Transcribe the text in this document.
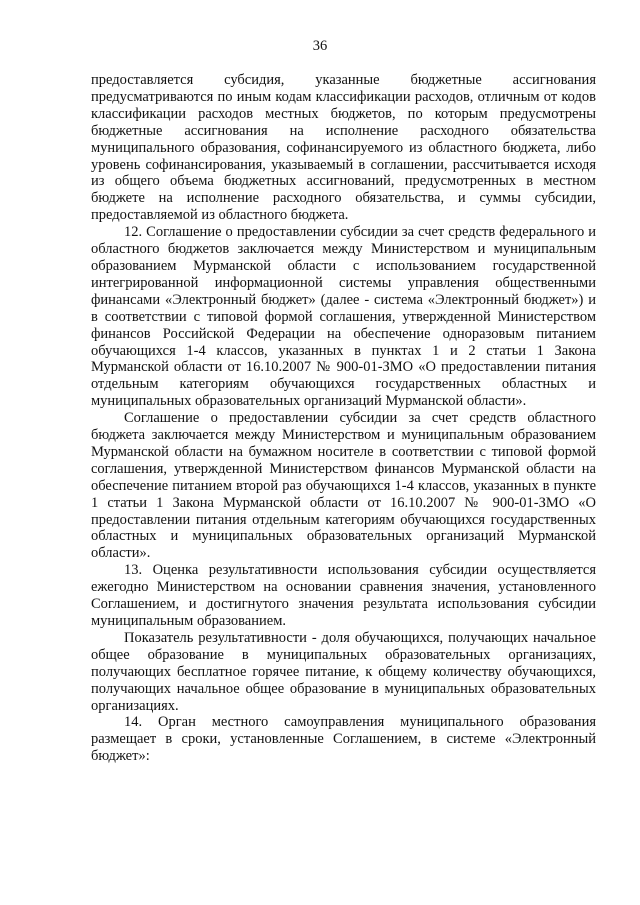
36

предоставляется субсидия, указанные бюджетные ассигнования предусматриваются по иным кодам классификации расходов, отличным от кодов классификации расходов местных бюджетов, по которым предусмотрены бюджетные ассигнования на исполнение расходного обязательства муниципального образования, софинансируемого из областного бюджета, либо уровень софинансирования, указываемый в соглашении, рассчитывается исходя из общего объема бюджетных ассигнований, предусмотренных в местном бюджете на исполнение расходного обязательства, и суммы субсидии, предоставляемой из областного бюджета.

12. Соглашение о предоставлении субсидии за счет средств федерального и областного бюджетов заключается между Министерством и муниципальным образованием Мурманской области с использованием государственной интегрированной информационной системы управления общественными финансами «Электронный бюджет» (далее - система «Электронный бюджет») и в соответствии с типовой формой соглашения, утвержденной Министерством финансов Российской Федерации на обеспечение одноразовым питанием обучающихся 1-4 классов, указанных в пунктах 1 и 2 статьи 1 Закона Мурманской области от 16.10.2007 № 900-01-ЗМО «О предоставлении питания отдельным категориям обучающихся государственных областных и муниципальных образовательных организаций Мурманской области».

Соглашение о предоставлении субсидии за счет средств областного бюджета заключается между Министерством и муниципальным образованием Мурманской области на бумажном носителе в соответствии с типовой формой соглашения, утвержденной Министерством финансов Мурманской области на обеспечение питанием второй раз обучающихся 1-4 классов, указанных в пункте 1 статьи 1 Закона Мурманской области от 16.10.2007 № 900-01-ЗМО «О предоставлении питания отдельным категориям обучающихся государственных областных и муниципальных образовательных организаций Мурманской области».

13. Оценка результативности использования субсидии осуществляется ежегодно Министерством на основании сравнения значения, установленного Соглашением, и достигнутого значения результата использования субсидии муниципальным образованием.

Показатель результативности - доля обучающихся, получающих начальное общее образование в муниципальных образовательных организациях, получающих бесплатное горячее питание, к общему количеству обучающихся, получающих начальное общее образование в муниципальных образовательных организациях.

14. Орган местного самоуправления муниципального образования размещает в сроки, установленные Соглашением, в системе «Электронный бюджет»:
